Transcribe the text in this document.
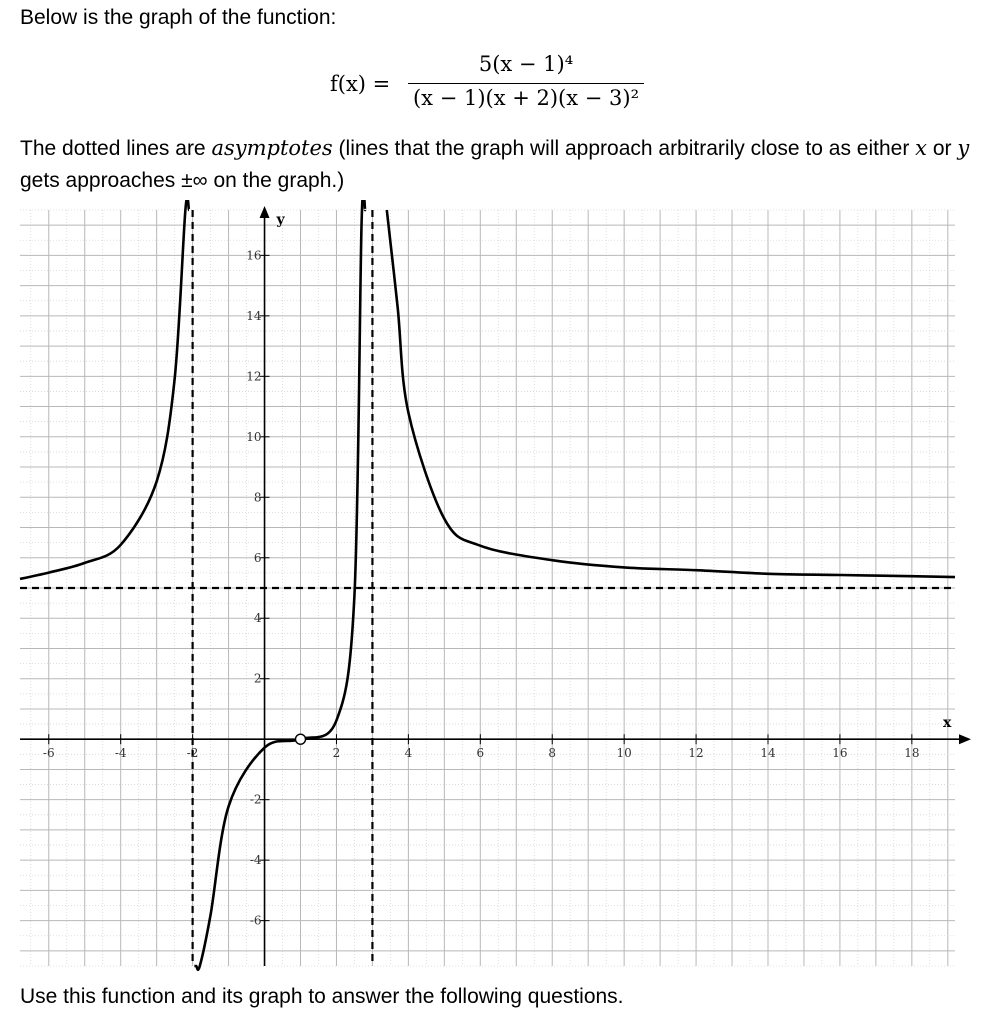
Below is the graph of the function:
f(x) =
5(x − 1)⁴
(x − 1)(x + 2)(x − 3)²
The dotted lines are asymptotes (lines that the graph will approach arbitrarily close to as either x or y gets approaches ±∞ on the graph.)
x
y
-6	-4	-2	2	4	6	8	10	12	14	16	18
16
14
12
10
8
6
4
2
-2
-4
-6
Use this function and its graph to answer the following questions.
